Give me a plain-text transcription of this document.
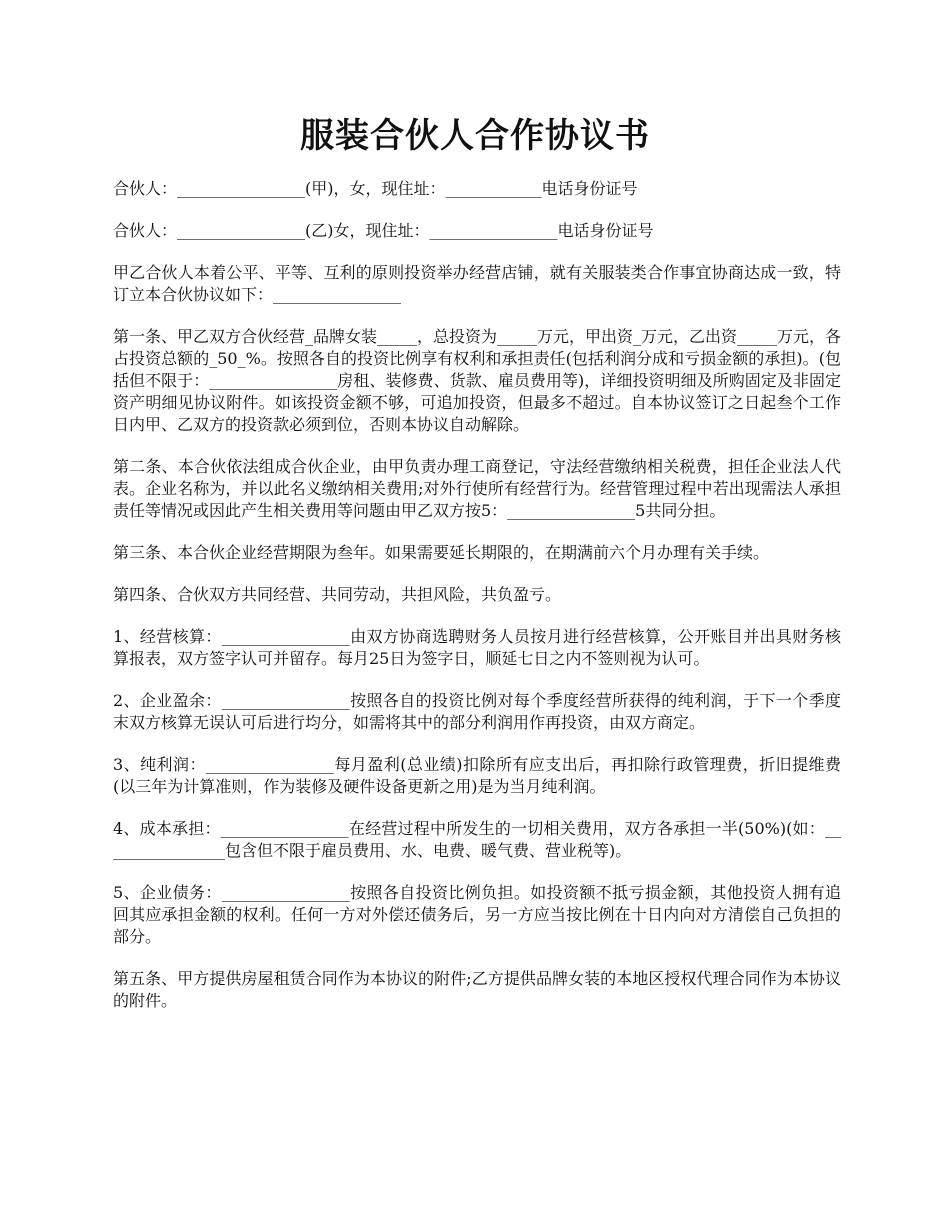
服装合伙人合作协议书

合伙人：________________(甲)，女，现住址：____________电话身份证号

合伙人：________________(乙)女，现住址：________________电话身份证号

甲乙合伙人本着公平、平等、互利的原则投资举办经营店铺，就有关服装类合作事宜协商达成一致，特订立本合伙协议如下：________________

第一条、甲乙双方合伙经营_品牌女装_____，总投资为_____万元，甲出资_万元，乙出资_____万元，各占投资总额的_50_%。按照各自的投资比例享有权利和承担责任(包括利润分成和亏损金额的承担)。(包括但不限于：________________房租、装修费、货款、雇员费用等)，详细投资明细及所购固定及非固定资产明细见协议附件。如该投资金额不够，可追加投资，但最多不超过。自本协议签订之日起叁个工作日内甲、乙双方的投资款必须到位，否则本协议自动解除。

第二条、本合伙依法组成合伙企业，由甲负责办理工商登记，守法经营缴纳相关税费，担任企业法人代表。企业名称为，并以此名义缴纳相关费用;对外行使所有经营行为。经营管理过程中若出现需法人承担责任等情况或因此产生相关费用等问题由甲乙双方按5：________________5共同分担。

第三条、本合伙企业经营期限为叁年。如果需要延长期限的，在期满前六个月办理有关手续。

第四条、合伙双方共同经营、共同劳动，共担风险，共负盈亏。

1、经营核算：________________由双方协商选聘财务人员按月进行经营核算，公开账目并出具财务核算报表，双方签字认可并留存。每月25日为签字日，顺延七日之内不签则视为认可。

2、企业盈余：________________按照各自的投资比例对每个季度经营所获得的纯利润，于下一个季度末双方核算无误认可后进行均分，如需将其中的部分利润用作再投资，由双方商定。

3、纯利润：________________每月盈利(总业绩)扣除所有应支出后，再扣除行政管理费，折旧提维费(以三年为计算准则，作为装修及硬件设备更新之用)是为当月纯利润。

4、成本承担：________________在经营过程中所发生的一切相关费用，双方各承担一半(50%)(如：________________包含但不限于雇员费用、水、电费、暖气费、营业税等)。

5、企业债务：________________按照各自投资比例负担。如投资额不抵亏损金额，其他投资人拥有追回其应承担金额的权利。任何一方对外偿还债务后，另一方应当按比例在十日内向对方清偿自己负担的部分。

第五条、甲方提供房屋租赁合同作为本协议的附件;乙方提供品牌女装的本地区授权代理合同作为本协议的附件。
